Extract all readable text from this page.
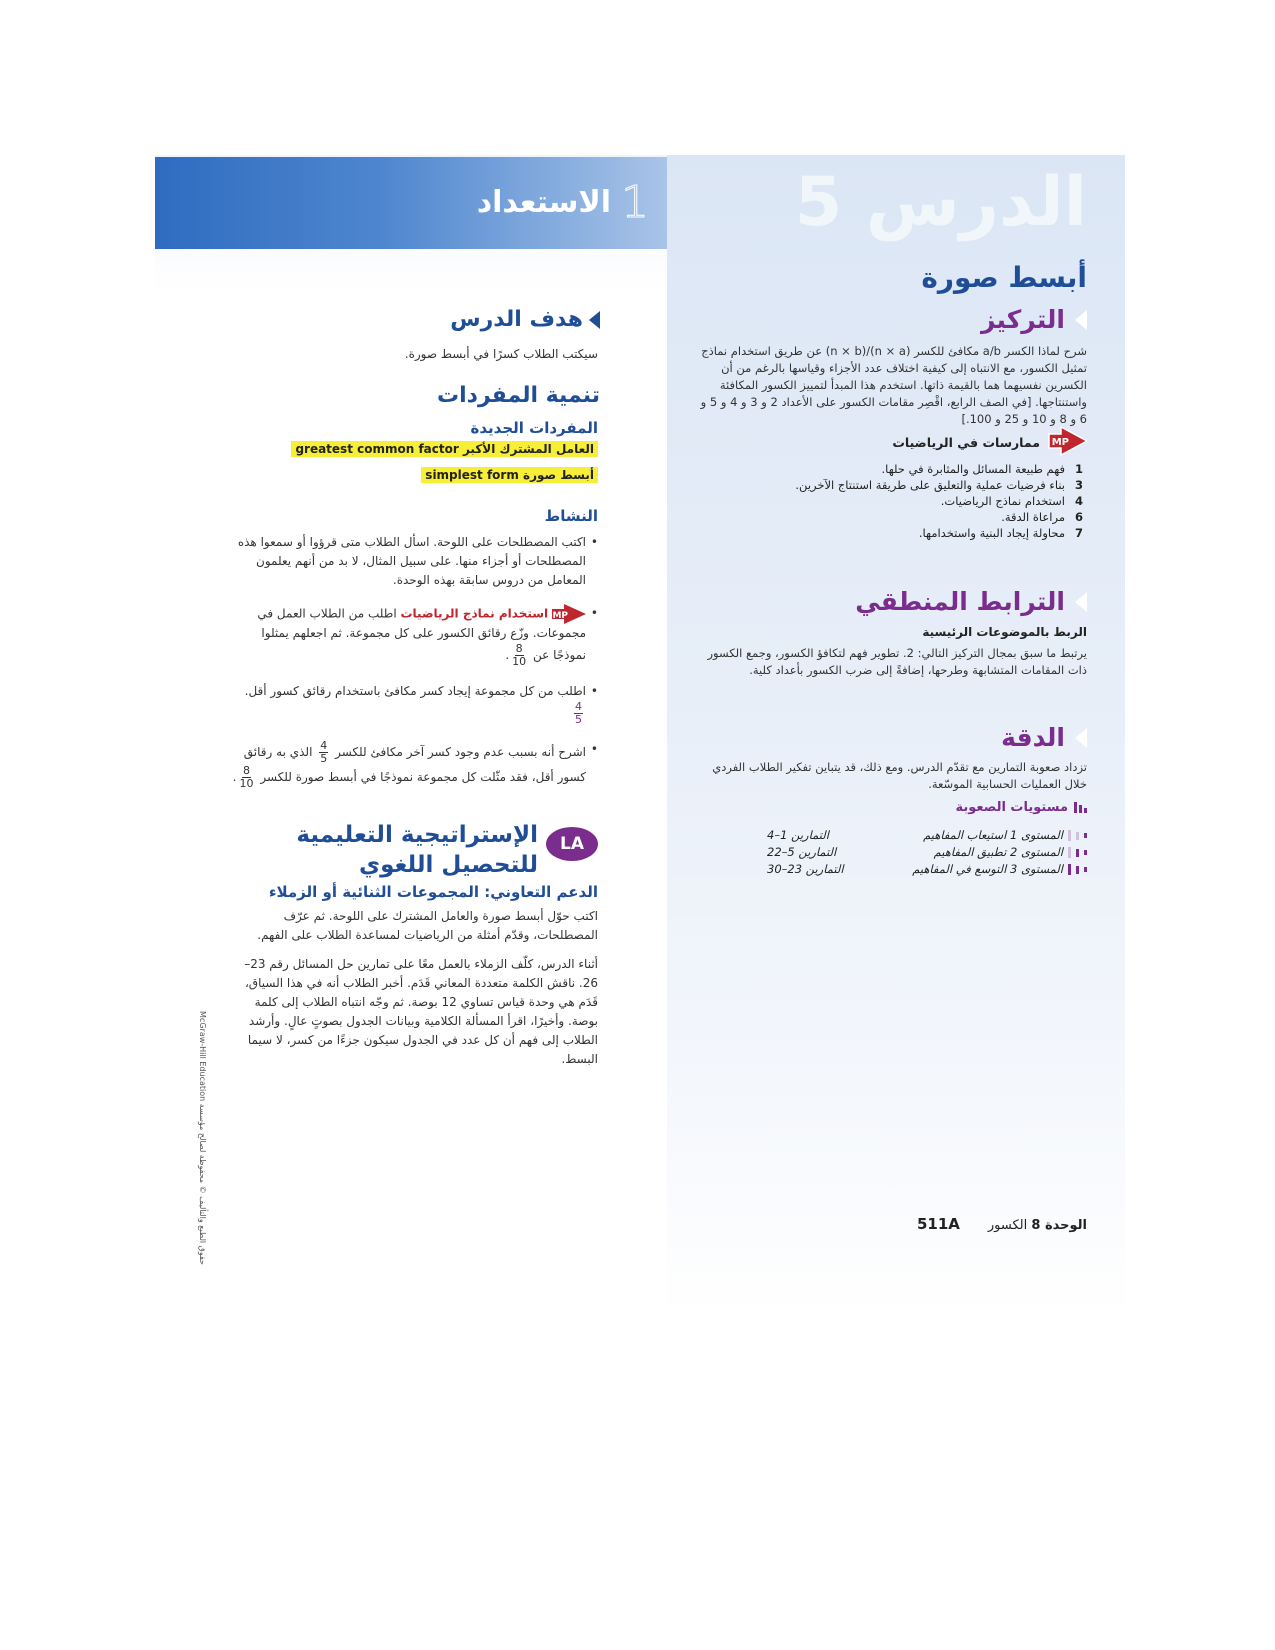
1
الاستعداد	الدرس 5
أبسط صورة
التركيز
شرح لماذا الكسر a/b مكافئ للكسر (n × a)/(n × b) عن طريق استخدام نماذج تمثيل الكسور، مع الانتباه إلى كيفية اختلاف عدد الأجزاء وقياسها بالرغم من أن الكسرين نفسيهما هما بالقيمة ذاتها. استخدم هذا المبدأ لتمييز الكسور المكافئة واستنتاجها. [في الصف الرابع، اقْصِر مقامات الكسور على الأعداد 2 و 3 و 4 و 5 و 6 و 8 و 10 و 25 و 100.]
MP
ممارسات في الرياضيات
1
فهم طبيعة المسائل والمثابرة في حلها.
3
بناء فرضيات عملية والتعليق على طريقة استنتاج الآخرين.
4
استخدام نماذج الرياضيات.
6
مراعاة الدقة.
7
محاولة إيجاد البنية واستخدامها.
الترابط المنطقي
الربط بالموضوعات الرئيسية
يرتبط ما سبق بمجال التركيز التالي: 2. تطوير فهم لتكافؤ الكسور، وجمع الكسور ذات المقامات المتشابهة وطرحها، إضافةً إلى ضرب الكسور بأعداد كلية.
الدقة
تزداد صعوبة التمارين مع تقدّم الدرس. ومع ذلك، قد يتباين تفكير الطلاب الفردي خلال العمليات الحسابية الموسّعة.
مستويات الصعوبة
المستوى 1 استيعاب المفاهيم
التمارين 1–4
المستوى 2 تطبيق المفاهيم
التمارين 5–22
المستوى 3 التوسع في المفاهيم
التمارين 23–30
الوحدة 8 الكسور
511A
هدف الدرس
سيكتب الطلاب كسرًا في أبسط صورة.
تنمية المفردات
المفردات الجديدة
العامل المشترك الأكبر greatest common factor
أبسط صورة simplest form
النشاط
• اكتب المصطلحات على اللوحة. اسأل الطلاب متى قرؤوا أو سمعوا هذه المصطلحات أو أجزاء منها. على سبيل المثال، لا بد من أنهم يعلمون المعامل من دروس سابقة بهذه الوحدة.
• MP
استخدام نماذج الرياضيات اطلب من الطلاب العمل في مجموعات. وزّع رقائق الكسور على كل مجموعة. ثم اجعلهم يمثلوا نموذجًا عن
$\frac{8}{10}$
.
• اطلب من كل مجموعة إيجاد كسر مكافئ باستخدام رقائق كسور أقل.
$\frac{4}{5}$
• اشرح أنه بسبب عدم وجود كسر آخر مكافئ للكسر
$\frac{4}{5}$
الذي به رقائق كسور أقل، فقد مثّلت كل مجموعة نموذجًا في أبسط صورة للكسر
$\frac{8}{10}$
.
LA
الإستراتيجية التعليمية للتحصيل اللغوي
الدعم التعاوني: المجموعات الثنائية أو الزملاء
اكتب حوّل أبسط صورة والعامل المشترك على اللوحة. ثم عرّف المصطلحات، وقدّم أمثلة من الرياضيات لمساعدة الطلاب على الفهم.
أثناء الدرس، كلّف الزملاء بالعمل معًا على تمارين حل المسائل رقم 23–26. ناقش الكلمة متعددة المعاني قَدَم. أخبر الطلاب أنه في هذا السياق، قَدَم هي وحدة قياس تساوي 12 بوصة. ثم وجّه انتباه الطلاب إلى كلمة بوصة. وأخيرًا، اقرأ المسألة الكلامية وبيانات الجدول بصوتٍ عالٍ. وأرشد الطلاب إلى فهم أن كل عدد في الجدول سيكون جزءًا من كسر، لا سيما البسط.
حقوق الطبع والتأليف © محفوظة لصالح مؤسسة McGraw-Hill Education
